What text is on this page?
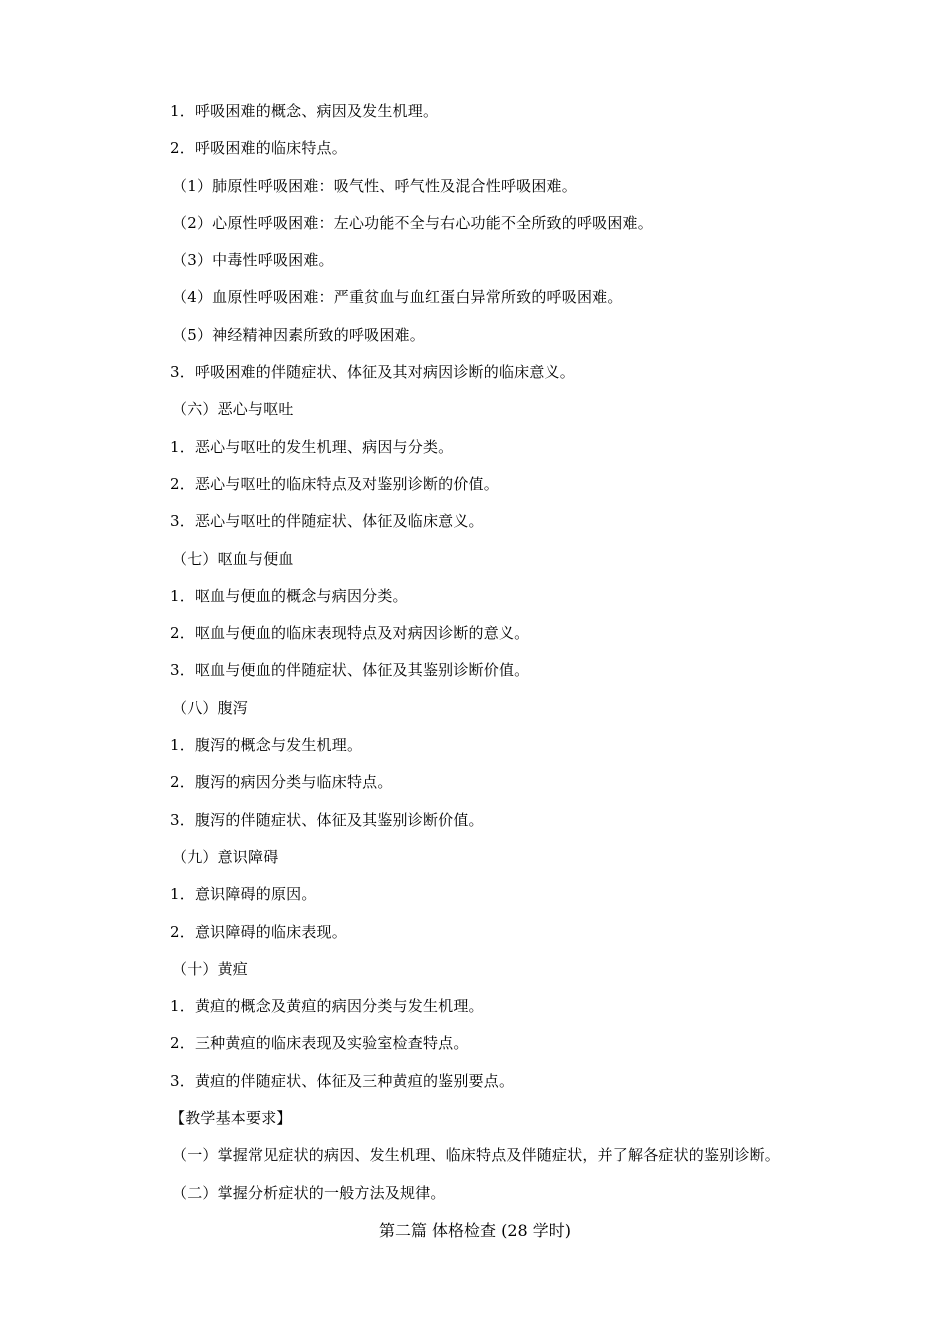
1．呼吸困难的概念、病因及发生机理。
2．呼吸困难的临床特点。
（1）肺原性呼吸困难：吸气性、呼气性及混合性呼吸困难。
（2）心原性呼吸困难：左心功能不全与右心功能不全所致的呼吸困难。
（3）中毒性呼吸困难。
（4）血原性呼吸困难：严重贫血与血红蛋白异常所致的呼吸困难。
（5）神经精神因素所致的呼吸困难。
3．呼吸困难的伴随症状、体征及其对病因诊断的临床意义。
（六）恶心与呕吐
1．恶心与呕吐的发生机理、病因与分类。
2．恶心与呕吐的临床特点及对鉴别诊断的价值。
3．恶心与呕吐的伴随症状、体征及临床意义。
（七）呕血与便血
1．呕血与便血的概念与病因分类。
2．呕血与便血的临床表现特点及对病因诊断的意义。
3．呕血与便血的伴随症状、体征及其鉴别诊断价值。
（八）腹泻
1．腹泻的概念与发生机理。
2．腹泻的病因分类与临床特点。
3．腹泻的伴随症状、体征及其鉴别诊断价值。
（九）意识障碍
1．意识障碍的原因。
2．意识障碍的临床表现。
（十）黄疸
1．黄疸的概念及黄疸的病因分类与发生机理。
2．三种黄疸的临床表现及实验室检查特点。
3．黄疸的伴随症状、体征及三种黄疸的鉴别要点。
【教学基本要求】
（一）掌握常见症状的病因、发生机理、临床特点及伴随症状，并了解各症状的鉴别诊断。
（二）掌握分析症状的一般方法及规律。
第二篇 体格检查 (28 学时)
